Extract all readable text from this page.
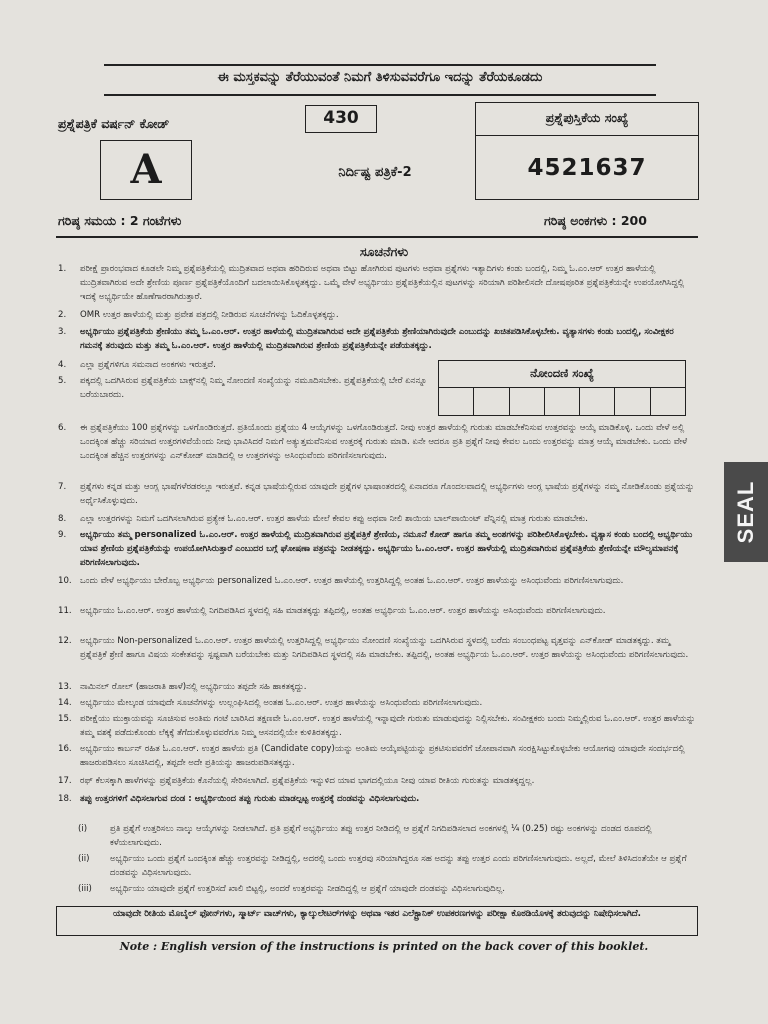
ಈ ಮಸ್ತಕವನ್ನು ತೆರೆಯುವಂತೆ ನಿಮಗೆ ತಿಳಿಸುವವರೆಗೂ ಇದನ್ನು ತೆರೆಯಕೂಡದು
ಪ್ರಶ್ನೆಪತ್ರಿಕೆ ವರ್ಷನ್ ಕೋಡ್	430
A	ನಿರ್ದಿಷ್ಟ ಪತ್ರಿಕೆ-2
ಪ್ರಶ್ನೆಪುಸ್ತಿಕೆಯ ಸಂಖ್ಯೆ
4521637
ಗರಿಷ್ಠ ಸಮಯ : 2 ಗಂಟೆಗಳು	ಗರಿಷ್ಠ ಅಂಕಗಳು : 200
ಸೂಚನೆಗಳು
1. ಪರೀಕ್ಷೆ ಪ್ರಾರಂಭವಾದ ಕೂಡಲೇ ನಿಮ್ಮ ಪ್ರಶ್ನೆಪತ್ರಿಕೆಯಲ್ಲಿ ಮುದ್ರಿತವಾದ ಅಥವಾ ಹರಿದಿರುವ ಅಥವಾ ಬಿಟ್ಟು ಹೋಗಿರುವ ಪುಟಗಳು ಅಥವಾ ಪ್ರಶ್ನೆಗಳು ಇತ್ಯಾದಿಗಳು ಕಂಡು ಬಂದಲ್ಲಿ, ನಿಮ್ಮ ಓ.ಎಂ.ಆರ್ ಉತ್ತರ ಹಾಳೆಯಲ್ಲಿ ಮುದ್ರಿತವಾಗಿರುವ ಅದೇ ಶ್ರೇಣಿಯ ಪೂರ್ಣ ಪ್ರಶ್ನೆಪತ್ರಿಕೆಯೊಂದಿಗೆ ಬದಲಾಯಿಸಿಕೊಳ್ಳತಕ್ಕದ್ದು. ಒಮ್ಮೆ ವೇಳೆ ಅಭ್ಯರ್ಥಿಯು ಪ್ರಶ್ನೆಪತ್ರಿಕೆಯಲ್ಲಿನ ಪುಟಗಳನ್ನು ಸರಿಯಾಗಿ ಪರಿಶೀಲಿಸದೇ ದೋಷಪೂರಿತ ಪ್ರಶ್ನೆಪತ್ರಿಕೆಯನ್ನೇ ಉಪಯೋಗಿಸಿದ್ದಲ್ಲಿ ಇದಕ್ಕೆ ಅಭ್ಯರ್ಥಿಯೇ ಹೊಣೆಗಾರರಾಗಿರುತ್ತಾರೆ.
2. OMR ಉತ್ತರ ಹಾಳೆಯಲ್ಲಿ ಮತ್ತು ಪ್ರವೇಶ ಪತ್ರದಲ್ಲಿ ನೀಡಿರುವ ಸೂಚನೆಗಳನ್ನು ಓದಿಕೊಳ್ಳತಕ್ಕದ್ದು.
3. ಅಭ್ಯರ್ಥಿಯು ಪ್ರಶ್ನೆಪತ್ರಿಕೆಯ ಶ್ರೇಣಿಯು ತಮ್ಮ ಓ.ಎಂ.ಆರ್. ಉತ್ತರ ಹಾಳೆಯಲ್ಲಿ ಮುದ್ರಿತವಾಗಿರುವ ಅದೇ ಪ್ರಶ್ನೆಪತ್ರಿಕೆಯ ಶ್ರೇಣಿಯಾಗಿರುವುದೇ ಎಂಬುದನ್ನು ಖಚಿತಪಡಿಸಿಕೊಳ್ಳಬೇಕು. ವ್ಯತ್ಯಾಸಗಳು ಕಂಡು ಬಂದಲ್ಲಿ, ಸಂವೀಕ್ಷಕರ ಗಮನಕ್ಕೆ ತರುವುದು ಮತ್ತು ತಮ್ಮ ಓ.ಎಂ.ಆರ್. ಉತ್ತರ ಹಾಳೆಯಲ್ಲಿ ಮುದ್ರಿತವಾಗಿರುವ ಶ್ರೇಣಿಯ ಪ್ರಶ್ನೆಪತ್ರಿಕೆಯನ್ನೇ ಪಡೆಯತಕ್ಕದ್ದು.
4. ಎಲ್ಲಾ ಪ್ರಶ್ನೆಗಳಿಗೂ ಸಮನಾದ ಅಂಕಗಳು ಇರುತ್ತವೆ.
5. ಪಕ್ಕದಲ್ಲಿ ಒದಗಿಸಿರುವ ಪ್ರಶ್ನೆಪತ್ರಿಕೆಯ ಬಾಕ್ಸ್‌ನಲ್ಲಿ ನಿಮ್ಮ ನೋಂದಣಿ ಸಂಖ್ಯೆಯನ್ನು ನಮೂದಿಸಬೇಕು. ಪ್ರಶ್ನೆಪತ್ರಿಕೆಯಲ್ಲಿ ಬೇರೆ ಏನನ್ನೂ ಬರೆಯಬಾರದು.
ನೋಂದಣಿ ಸಂಖ್ಯೆ
6. ಈ ಪ್ರಶ್ನೆಪತ್ರಿಕೆಯು 100 ಪ್ರಶ್ನೆಗಳನ್ನು ಒಳಗೊಂಡಿರುತ್ತದೆ. ಪ್ರತಿಯೊಂದು ಪ್ರಶ್ನೆಯು 4 ಆಯ್ಕೆಗಳನ್ನು ಒಳಗೊಂಡಿರುತ್ತದೆ. ನೀವು ಉತ್ತರ ಹಾಳೆಯಲ್ಲಿ ಗುರುತು ಮಾಡಬೇಕೆನಿಸುವ ಉತ್ತರವನ್ನು ಆಯ್ಕೆ ಮಾಡಿಕೊಳ್ಳಿ. ಒಂದು ವೇಳೆ ಅಲ್ಲಿ ಒಂದಕ್ಕಿಂತ ಹೆಚ್ಚು ಸರಿಯಾದ ಉತ್ತರಗಳಿವೆಯೆಂದು ನೀವು ಭಾವಿಸಿದರೆ ನಿಮಗೆ ಅತ್ಯುತ್ತಮವೆನಿಸುವ ಉತ್ತರಕ್ಕೆ ಗುರುತು ಮಾಡಿ. ಏನೇ ಆದರೂ ಪ್ರತಿ ಪ್ರಶ್ನೆಗೆ ನೀವು ಕೇವಲ ಒಂದು ಉತ್ತರವನ್ನು ಮಾತ್ರ ಆಯ್ಕೆ ಮಾಡಬೇಕು. ಒಂದು ವೇಳೆ ಒಂದಕ್ಕಿಂತ ಹೆಚ್ಚಿನ ಉತ್ತರಗಳನ್ನು ಎನ್‌ಕೋಡ್ ಮಾಡಿದಲ್ಲಿ ಆ ಉತ್ತರಗಳನ್ನು ಅಸಿಂಧುವೆಂದು ಪರಿಗಣಿಸಲಾಗುವುದು.
7. ಪ್ರಶ್ನೆಗಳು ಕನ್ನಡ ಮತ್ತು ಆಂಗ್ಲ ಭಾಷೆಗಳೆರಡರಲ್ಲೂ ಇರುತ್ತವೆ. ಕನ್ನಡ ಭಾಷೆಯಲ್ಲಿರುವ ಯಾವುದೇ ಪ್ರಶ್ನೆಗಳ ಭಾಷಾಂತರದಲ್ಲಿ ಏನಾದರೂ ಗೊಂದಲವಾದಲ್ಲಿ ಅಭ್ಯರ್ಥಿಗಳು ಆಂಗ್ಲ ಭಾಷೆಯ ಪ್ರಶ್ನೆಗಳನ್ನು ನಮ್ಮ ನೋಡಿಕೊಂಡು ಪ್ರಶ್ನೆಯನ್ನು ಅರ್ಥೈಸಿಕೊಳ್ಳುವುದು.
8. ಎಲ್ಲಾ ಉತ್ತರಗಳನ್ನು ನಿಮಗೆ ಒದಗಿಸಲಾಗಿರುವ ಪ್ರತ್ಯೇಕ ಓ.ಎಂ.ಆರ್. ಉತ್ತರ ಹಾಳೆಯ ಮೇಲೆ ಕೇವಲ ಕಪ್ಪು ಅಥವಾ ನೀಲಿ ಶಾಯಿಯ ಬಾಲ್‌ಪಾಯಿಂಟ್ ಪೆನ್ನಿನಲ್ಲಿ ಮಾತ್ರ ಗುರುತು ಮಾಡಬೇಕು.
9. ಅಭ್ಯರ್ಥಿಯು ತಮ್ಮ personalized ಓ.ಎಂ.ಆರ್. ಉತ್ತರ ಹಾಳೆಯಲ್ಲಿ ಮುದ್ರಿತವಾಗಿರುವ ಪ್ರಶ್ನೆಪತ್ರಿಕೆ ಶ್ರೇಣಿಯ, ನಮೂನೆ ಕೋಡ್ ಹಾಗೂ ತಮ್ಮ ಅಂಶಗಳನ್ನು ಪರಿಶೀಲಿಸಿಕೊಳ್ಳಬೇಕು. ವ್ಯತ್ಯಾಸ ಕಂಡು ಬಂದಲ್ಲಿ ಅಭ್ಯರ್ಥಿಯು ಯಾವ ಶ್ರೇಣಿಯ ಪ್ರಶ್ನೆಪತ್ರಿಕೆಯನ್ನು ಉಪಯೋಗಿಸಿರುತ್ತಾರೆ ಎಂಬುದರ ಬಗ್ಗೆ ಘೋಷಣಾ ಪತ್ರವನ್ನು ನೀಡತಕ್ಕದ್ದು. ಅಭ್ಯರ್ಥಿಯು ಓ.ಎಂ.ಆರ್. ಉತ್ತರ ಹಾಳೆಯಲ್ಲಿ ಮುದ್ರಿತವಾಗಿರುವ ಪ್ರಶ್ನೆಪತ್ರಿಕೆಯ ಶ್ರೇಣಿಯನ್ನೇ ಮೌಲ್ಯಮಾಪನಕ್ಕೆ ಪರಿಗಣಿಸಲಾಗುವುದು.
10. ಒಂದು ವೇಳೆ ಅಭ್ಯರ್ಥಿಯು ಬೇರೊಬ್ಬ ಅಭ್ಯರ್ಥಿಯ personalized ಓ.ಎಂ.ಆರ್. ಉತ್ತರ ಹಾಳೆಯಲ್ಲಿ ಉತ್ತರಿಸಿದ್ದಲ್ಲಿ ಅಂತಹ ಓ.ಎಂ.ಆರ್. ಉತ್ತರ ಹಾಳೆಯನ್ನು ಅಸಿಂಧುವೆಂದು ಪರಿಗಣಿಸಲಾಗುವುದು.
11. ಅಭ್ಯರ್ಥಿಯು ಓ.ಎಂ.ಆರ್. ಉತ್ತರ ಹಾಳೆಯಲ್ಲಿ ನಿಗದಿಪಡಿಸಿದ ಸ್ಥಳದಲ್ಲಿ ಸಹಿ ಮಾಡತಕ್ಕದ್ದು ತಪ್ಪಿದಲ್ಲಿ, ಅಂತಹ ಅಭ್ಯರ್ಥಿಯ ಓ.ಎಂ.ಆರ್. ಉತ್ತರ ಹಾಳೆಯನ್ನು ಅಸಿಂಧುವೆಂದು ಪರಿಗಣಿಸಲಾಗುವುದು.
12. ಅಭ್ಯರ್ಥಿಯು Non-personalized ಓ.ಎಂ.ಆರ್. ಉತ್ತರ ಹಾಳೆಯಲ್ಲಿ ಉತ್ತರಿಸಿದ್ದಲ್ಲಿ ಅಭ್ಯರ್ಥಿಯು ನೋಂದಣಿ ಸಂಖ್ಯೆಯನ್ನು ಒದಗಿಸಿರುವ ಸ್ಥಳದಲ್ಲಿ ಬರೆದು ಸಂಬಂಧಪಟ್ಟ ವೃತ್ತವನ್ನು ಎನ್‌ಕೋಡ್ ಮಾಡತಕ್ಕದ್ದು. ತಮ್ಮ ಪ್ರಶ್ನೆಪತ್ರಿಕೆ ಶ್ರೇಣಿ ಹಾಗೂ ವಿಷಯ ಸಂಕೇತವನ್ನು ಸ್ಪಷ್ಟವಾಗಿ ಬರೆಯಬೇಕು ಮತ್ತು ನಿಗದಿಪಡಿಸಿದ ಸ್ಥಳದಲ್ಲಿ ಸಹಿ ಮಾಡಬೇಕು. ತಪ್ಪಿದಲ್ಲಿ, ಅಂತಹ ಅಭ್ಯರ್ಥಿಯ ಓ.ಎಂ.ಆರ್. ಉತ್ತರ ಹಾಳೆಯನ್ನು ಅಸಿಂಧುವೆಂದು ಪರಿಗಣಿಸಲಾಗುವುದು.
13. ನಾಮಿನಲ್ ರೋಲ್ (ಹಾಜರಾತಿ ಹಾಳೆ)ನಲ್ಲಿ ಅಭ್ಯರ್ಥಿಯು ತಪ್ಪದೇ ಸಹಿ ಹಾಕತಕ್ಕದ್ದು.
14. ಅಭ್ಯರ್ಥಿಯು ಮೇಲ್ಕಂಡ ಯಾವುದೇ ಸೂಚನೆಗಳನ್ನು ಉಲ್ಲಂಘಿಸಿದಲ್ಲಿ ಅಂತಹ ಓ.ಎಂ.ಆರ್. ಉತ್ತರ ಹಾಳೆಯನ್ನು ಅಸಿಂಧುವೆಂದು ಪರಿಗಣಿಸಲಾಗುವುದು.
15. ಪರೀಕ್ಷೆಯು ಮುಕ್ತಾಯವನ್ನು ಸೂಚಿಸುವ ಅಂತಿಮ ಗಂಟೆ ಬಾರಿಸಿದ ತಕ್ಷಣವೇ ಓ.ಎಂ.ಆರ್. ಉತ್ತರ ಹಾಳೆಯಲ್ಲಿ ಇನ್ನಾವುದೇ ಗುರುತು ಮಾಡುವುದನ್ನು ನಿಲ್ಲಿಸಬೇಕು. ಸಂವೀಕ್ಷಕರು ಬಂದು ನಿಮ್ಮಲ್ಲಿರುವ ಓ.ಎಂ.ಆರ್. ಉತ್ತರ ಹಾಳೆಯನ್ನು ತಮ್ಮ ವಶಕ್ಕೆ ಪಡೆದುಕೊಂಡು ಲೆಕ್ಕಕ್ಕೆ ತೆಗೆದುಕೊಳ್ಳುವವರೆಗೂ ನಿಮ್ಮ ಆಸನದಲ್ಲಿಯೇ ಕುಳಿತಿರತಕ್ಕದ್ದು.
16. ಅಭ್ಯರ್ಥಿಯು ಕಾರ್ಬನ್ ರಹಿತ ಓ.ಎಂ.ಆರ್. ಉತ್ತರ ಹಾಳೆಯ ಪ್ರತಿ (Candidate copy)ಯನ್ನು ಅಂತಿಮ ಆಯ್ಕೆಪಟ್ಟಿಯನ್ನು ಪ್ರಕಟಿಸುವವರೆಗೆ ಜೋಪಾನವಾಗಿ ಸಂರಕ್ಷಿಸಿಟ್ಟುಕೊಳ್ಳಬೇಕು ಆಯೋಗವು ಯಾವುದೇ ಸಂದರ್ಭದಲ್ಲಿ ಹಾಜರುಪಡಿಸಲು ಸೂಚಿಸಿದಲ್ಲಿ, ತಪ್ಪದೇ ಅದೇ ಪ್ರತಿಯನ್ನು ಹಾಜರುಪಡಿಸತಕ್ಕದ್ದು.
17. ರಫ್ ಕೆಲಸಕ್ಕಾಗಿ ಹಾಳೆಗಳನ್ನು ಪ್ರಶ್ನೆಪತ್ರಿಕೆಯ ಕೊನೆಯಲ್ಲಿ ಸೇರಿಸಲಾಗಿದೆ. ಪ್ರಶ್ನೆಪತ್ರಿಕೆಯ ಇನ್ನುಳಿದ ಯಾವ ಭಾಗದಲ್ಲಿಯೂ ನೀವು ಯಾವ ರೀತಿಯ ಗುರುತನ್ನು ಮಾಡತಕ್ಕದ್ದಲ್ಲ.
18. ತಪ್ಪು ಉತ್ತರಗಳಿಗೆ ವಿಧಿಸಲಾಗುವ ದಂಡ : ಅಭ್ಯರ್ಥಿಯಿಂದ ತಪ್ಪು ಗುರುತು ಮಾಡಲ್ಪಟ್ಟ ಉತ್ತರಕ್ಕೆ ದಂಡವನ್ನು ವಿಧಿಸಲಾಗುವುದು.
(i)	ಪ್ರತಿ ಪ್ರಶ್ನೆಗೆ ಉತ್ತರಿಸಲು ನಾಲ್ಕು ಆಯ್ಕೆಗಳನ್ನು ನೀಡಲಾಗಿದೆ. ಪ್ರತಿ ಪ್ರಶ್ನೆಗೆ ಅಭ್ಯರ್ಥಿಯು ತಪ್ಪು ಉತ್ತರ ನೀಡಿದಲ್ಲಿ ಆ ಪ್ರಶ್ನೆಗೆ ನಿಗದಿಪಡಿಸಲಾದ ಅಂಕಗಳಲ್ಲಿ ¼ (0.25) ರಷ್ಟು ಅಂಕಗಳನ್ನು ದಂಡದ ರೂಪದಲ್ಲಿ ಕಳೆಯಲಾಗುವುದು.
(ii) ಅಭ್ಯರ್ಥಿಯು ಒಂದು ಪ್ರಶ್ನೆಗೆ ಒಂದಕ್ಕಿಂತ ಹೆಚ್ಚು ಉತ್ತರವನ್ನು ನೀಡಿದ್ದಲ್ಲಿ, ಅದರಲ್ಲಿ ಒಂದು ಉತ್ತರವು ಸರಿಯಾಗಿದ್ದರೂ ಸಹ ಅದನ್ನು ತಪ್ಪು ಉತ್ತರ ಎಂದು ಪರಿಗಣಿಸಲಾಗುವುದು. ಅಲ್ಲದೆ, ಮೇಲೆ ತಿಳಿಸಿದಂತೆಯೇ ಆ ಪ್ರಶ್ನೆಗೆ ದಂಡವನ್ನು ವಿಧಿಸಲಾಗುವುದು.
(iii) ಅಭ್ಯರ್ಥಿಯು ಯಾವುದೇ ಪ್ರಶ್ನೆಗೆ ಉತ್ತರಿಸದೆ ಖಾಲಿ ಬಿಟ್ಟಲ್ಲಿ, ಅಂದರೆ ಉತ್ತರವನ್ನು ನೀಡದಿದ್ದಲ್ಲಿ ಆ ಪ್ರಶ್ನೆಗೆ ಯಾವುದೇ ದಂಡವನ್ನು ವಿಧಿಸಲಾಗುವುದಿಲ್ಲ.
ಯಾವುದೇ ರೀತಿಯ ಮೊಬೈಲ್ ಫೋನ್‌ಗಳು, ಸ್ಮಾರ್ಟ್ ವಾಚ್‌ಗಳು, ಕ್ಯಾಲ್ಕುಲೇಟರ್‌ಗಳನ್ನು ಅಥವಾ ಇತರ ಎಲೆಕ್ಟ್ರಾನಿಕ್ ಉಪಕರಣಗಳನ್ನು ಪರೀಕ್ಷಾ ಕೊಠಡಿಯೊಳಕ್ಕೆ ತರುವುದನ್ನು ನಿಷೇಧಿಸಲಾಗಿದೆ.
Note : English version of the instructions is printed on the back cover of this booklet.
SEAL
